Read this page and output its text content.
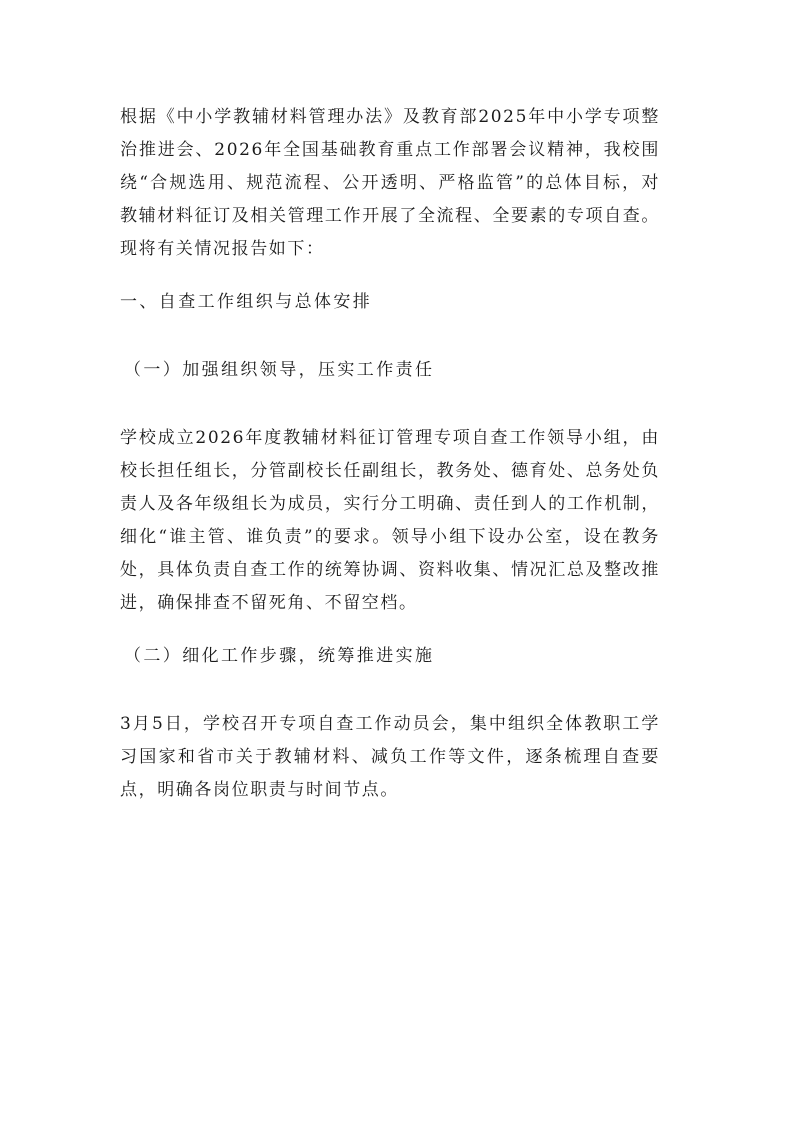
根据《中小学教辅材料管理办法》及教育部2025年中小学专项整治推进会、2026年全国基础教育重点工作部署会议精神，我校围绕“合规选用、规范流程、公开透明、严格监管”的总体目标，对教辅材料征订及相关管理工作开展了全流程、全要素的专项自查。现将有关情况报告如下：

一、自查工作组织与总体安排

（一）加强组织领导，压实工作责任

学校成立2026年度教辅材料征订管理专项自查工作领导小组，由校长担任组长，分管副校长任副组长，教务处、德育处、总务处负责人及各年级组长为成员，实行分工明确、责任到人的工作机制，细化“谁主管、谁负责”的要求。领导小组下设办公室，设在教务处，具体负责自查工作的统筹协调、资料收集、情况汇总及整改推进，确保排查不留死角、不留空档。

（二）细化工作步骤，统筹推进实施

3月5日，学校召开专项自查工作动员会，集中组织全体教职工学习国家和省市关于教辅材料、减负工作等文件，逐条梳理自查要点，明确各岗位职责与时间节点。
